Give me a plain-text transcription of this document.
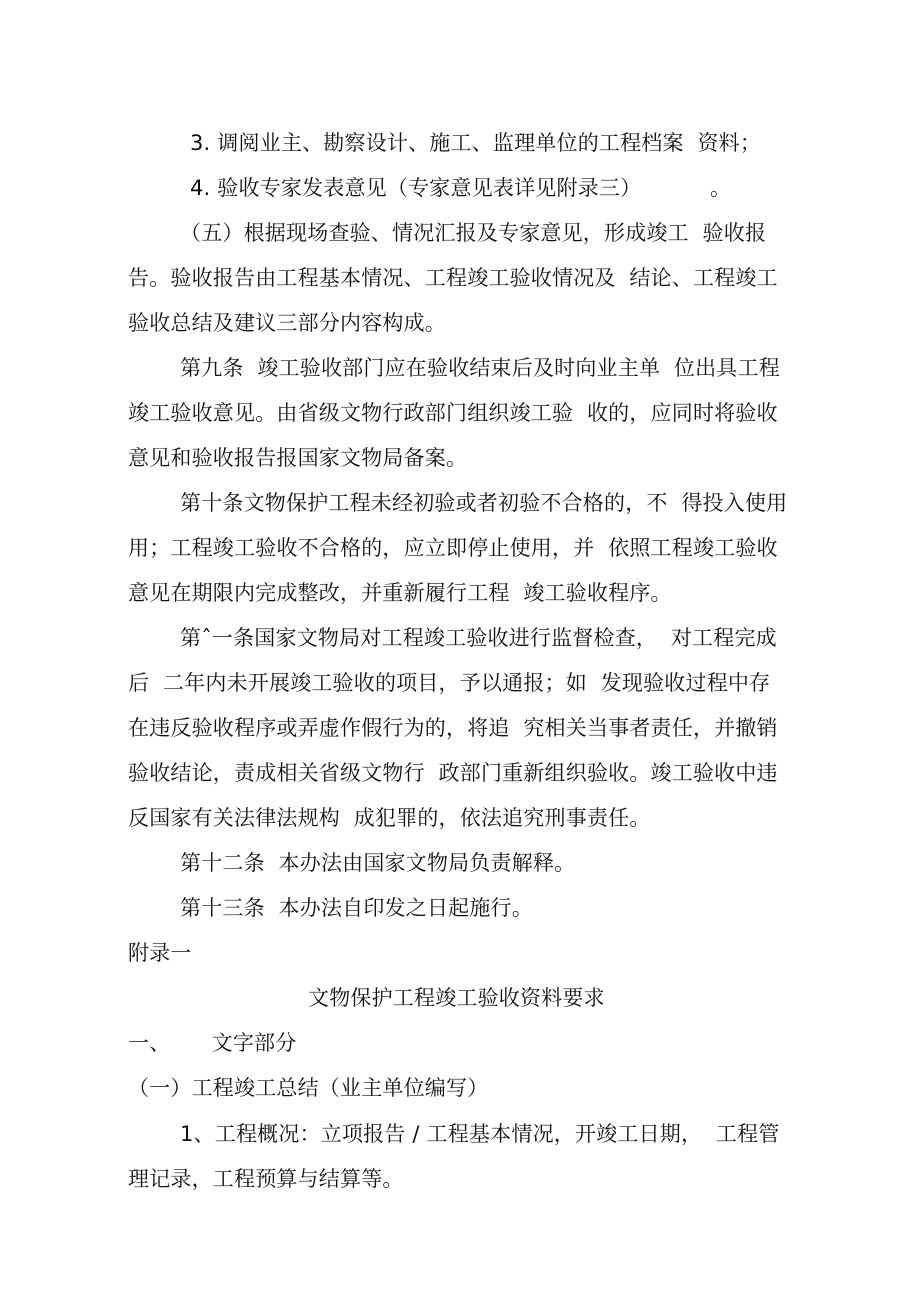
3. 调阅业主、勘察设计、施工、监理单位的工程档案  资料；
4. 验收专家发表意见（专家意见表详见附录三）          。
（五）根据现场查验、情况汇报及专家意见，形成竣工  验收报
告。验收报告由工程基本情况、工程竣工验收情况及  结论、工程竣工
验收总结及建议三部分内容构成。
第九条  竣工验收部门应在验收结束后及时向业主单  位出具工程
竣工验收意见。由省级文物行政部门组织竣工验  收的，应同时将验收
意见和验收报告报国家文物局备案。
第十条文物保护工程未经初验或者初验不合格的，不  得投入使用
用；工程竣工验收不合格的，应立即停止使用，并  依照工程竣工验收
意见在期限内完成整改，并重新履行工程  竣工验收程序。
第ˆ一条国家文物局对工程竣工验收进行监督检查，  对工程完成
后  二年内未开展竣工验收的项目，予以通报；如  发现验收过程中存
在违反验收程序或弄虚作假行为的，将追  究相关当事者责任，并撤销
验收结论，责成相关省级文物行  政部门重新组织验收。竣工验收中违
反国家有关法律法规构  成犯罪的，依法追究刑事责任。
第十二条  本办法由国家文物局负责解释。
第十三条  本办法自印发之日起施行。
附录一
文物保护工程竣工验收资料要求
一、      文字部分
（一）工程竣工总结（业主单位编写）
1、工程概况：立项报告 / 工程基本情况，开竣工日期，  工程管
理记录，工程预算与结算等。
